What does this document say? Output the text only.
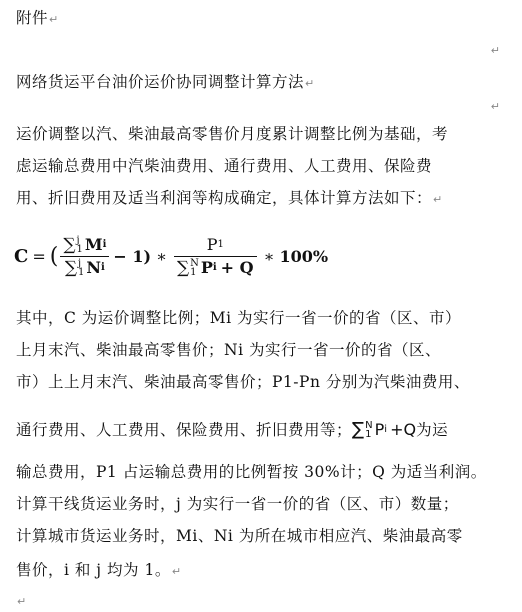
附件↵
↵
网络货运平台油价运价协同调整计算方法↵
↵
运价调整以汽、柴油最高零售价月度累计调整比例为基础，考
虑运输总费用中汽柴油费用、通行费用、人工费用、保险费
用、折旧费用及适当利润等构成确定，具体计算方法如下：↵
C = ( ∑ j
1 M i
∑ j
1 N i − 1) ∗
P 1
∑ N
1 P i + Q
∗ 100%
其中，C 为运价调整比例；Mi 为实行一省一价的省（区、市）
上月末汽、柴油最高零售价；Ni 为实行一省一价的省（区、
市）上上月末汽、柴油最高零售价；P1-Pn 分别为汽柴油费用、
通行费用、人工费用、保险费用、折旧费用等； ∑ N
1 P i +Q 为运
输总费用，P1 占运输总费用的比例暂按 30%计；Q 为适当利润。
计算干线货运业务时，j 为实行一省一价的省（区、市）数量；
计算城市货运业务时，Mi、Ni 为所在城市相应汽、柴油最高零
售价，i 和 j 均为 1。↵
↵
